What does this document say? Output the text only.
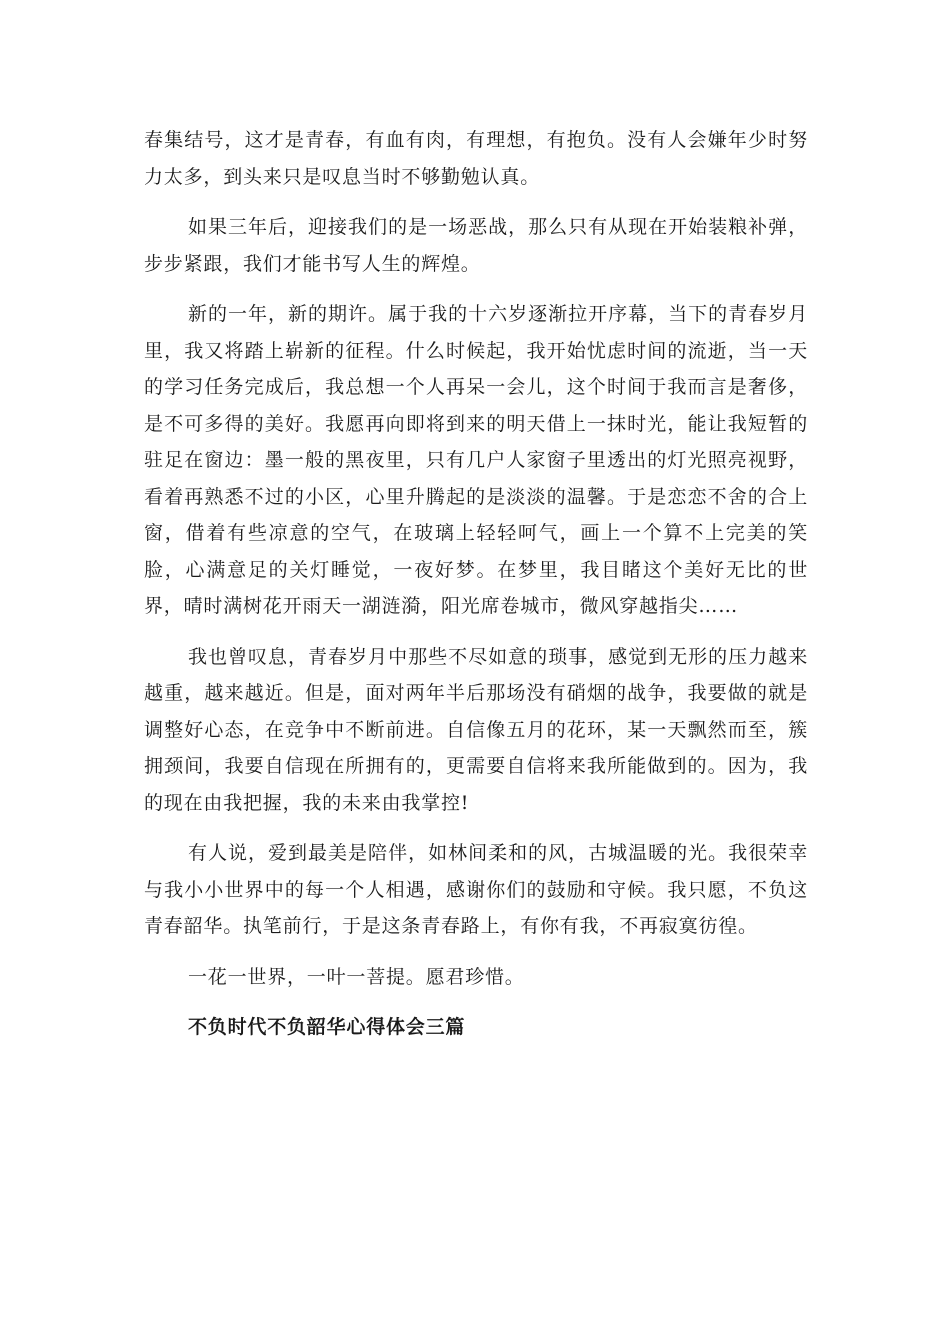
春集结号，这才是青春，有血有肉，有理想，有抱负。没有人会嫌年少时努力太多，到头来只是叹息当时不够勤勉认真。

如果三年后，迎接我们的是一场恶战，那么只有从现在开始装粮补弹，步步紧跟，我们才能书写人生的辉煌。

新的一年，新的期许。属于我的十六岁逐渐拉开序幕，当下的青春岁月里，我又将踏上崭新的征程。什么时候起，我开始忧虑时间的流逝，当一天的学习任务完成后，我总想一个人再呆一会儿，这个时间于我而言是奢侈，是不可多得的美好。我愿再向即将到来的明天借上一抹时光，能让我短暂的驻足在窗边：墨一般的黑夜里，只有几户人家窗子里透出的灯光照亮视野，看着再熟悉不过的小区，心里升腾起的是淡淡的温馨。于是恋恋不舍的合上窗，借着有些凉意的空气，在玻璃上轻轻呵气，画上一个算不上完美的笑脸，心满意足的关灯睡觉，一夜好梦。在梦里，我目睹这个美好无比的世界，晴时满树花开雨天一湖涟漪，阳光席卷城市，微风穿越指尖……

我也曾叹息，青春岁月中那些不尽如意的琐事，感觉到无形的压力越来越重，越来越近。但是，面对两年半后那场没有硝烟的战争，我要做的就是调整好心态，在竞争中不断前进。自信像五月的花环，某一天飘然而至，簇拥颈间，我要自信现在所拥有的，更需要自信将来我所能做到的。因为，我的现在由我把握，我的未来由我掌控!

有人说，爱到最美是陪伴，如林间柔和的风，古城温暖的光。我很荣幸与我小小世界中的每一个人相遇，感谢你们的鼓励和守候。我只愿，不负这青春韶华。执笔前行，于是这条青春路上，有你有我，不再寂寞彷徨。

一花一世界，一叶一菩提。愿君珍惜。

不负时代不负韶华心得体会三篇
